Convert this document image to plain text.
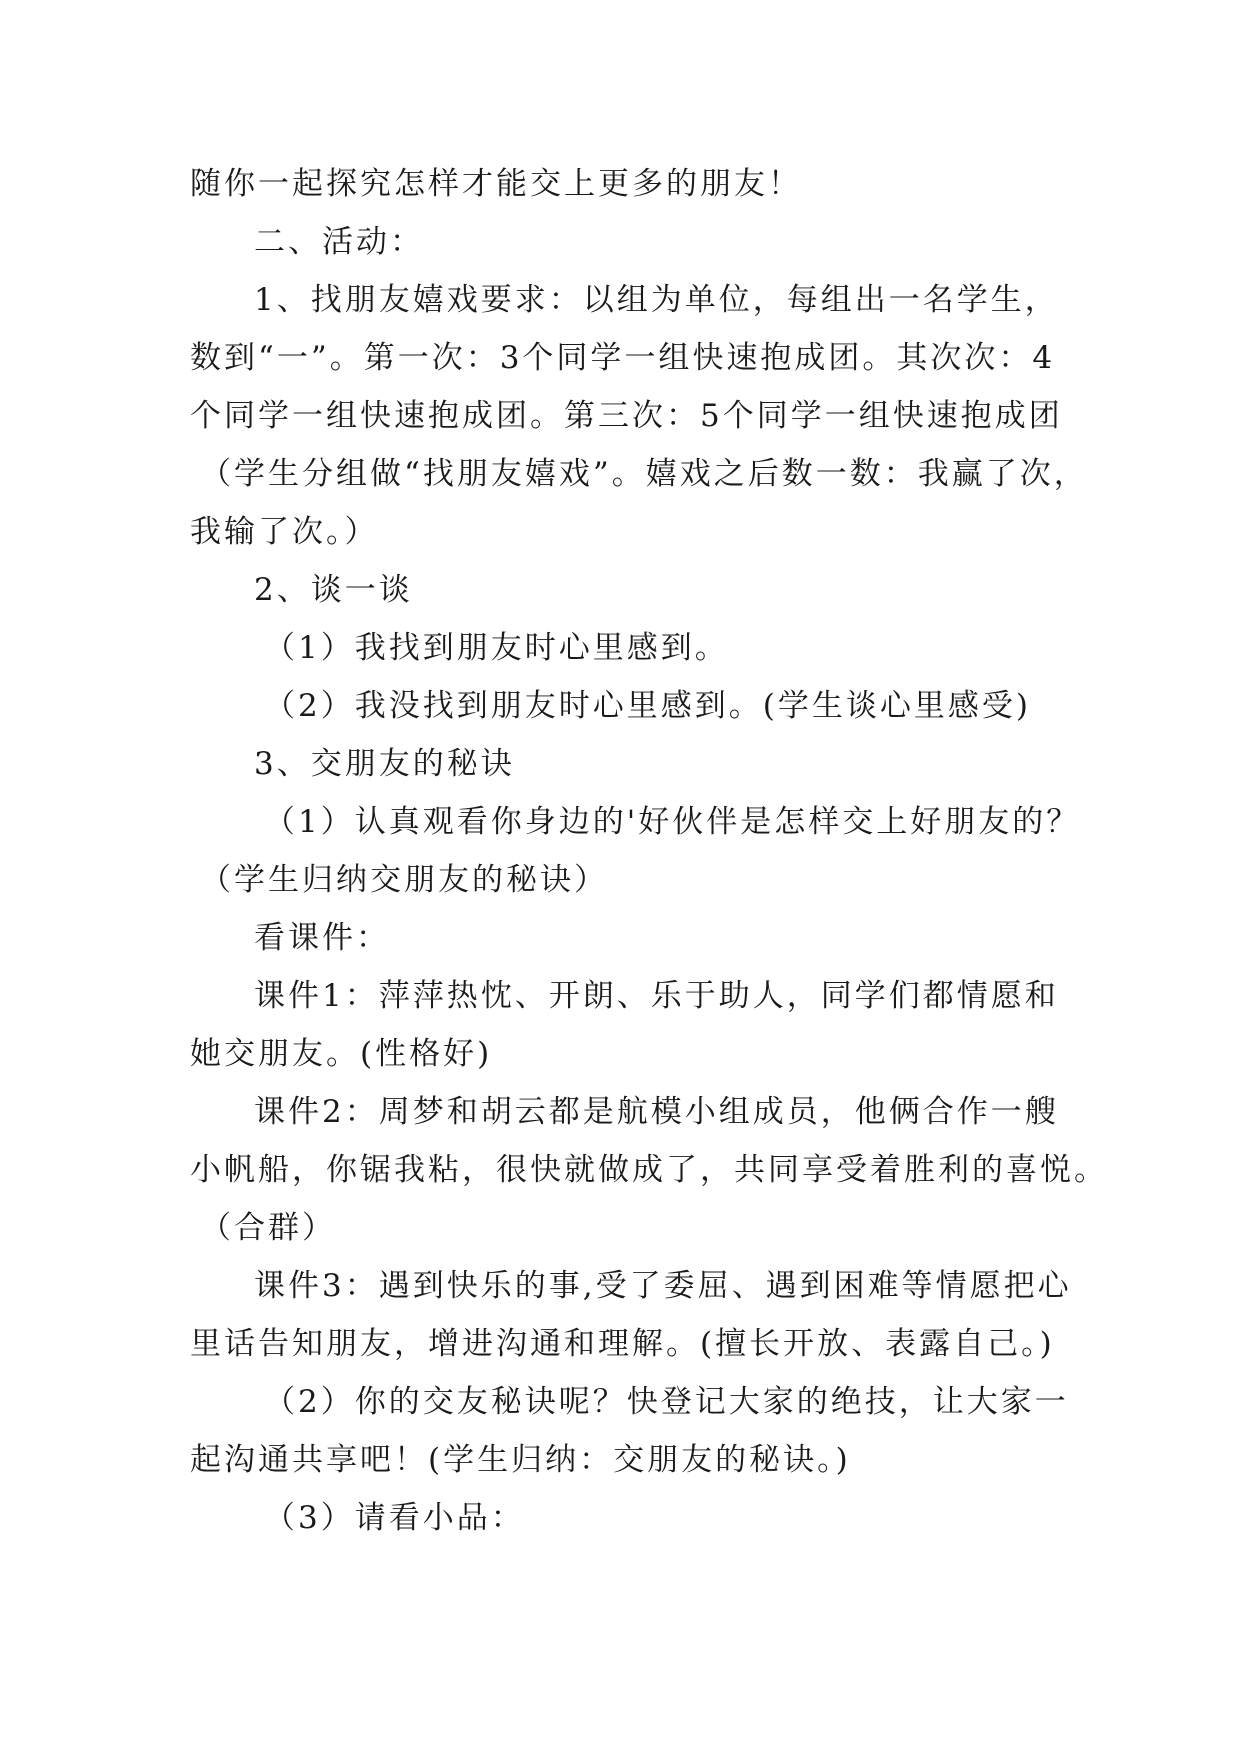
随你一起探究怎样才能交上更多的朋友！

二、活动：

1、找朋友嬉戏要求：以组为单位，每组出一名学生，

数到“一”。第一次：3个同学一组快速抱成团。其次次：4

个同学一组快速抱成团。第三次：5个同学一组快速抱成团

（学生分组做“找朋友嬉戏”。嬉戏之后数一数：我赢了次，

我输了次。）

2、谈一谈

（1）我找到朋友时心里感到。

（2）我没找到朋友时心里感到。(学生谈心里感受)

3、交朋友的秘诀

（1）认真观看你身边的'好伙伴是怎样交上好朋友的？

（学生归纳交朋友的秘诀）

看课件：

课件1：萍萍热忱、开朗、乐于助人，同学们都情愿和

她交朋友。(性格好)

课件2：周梦和胡云都是航模小组成员，他俩合作一艘

小帆船，你锯我粘，很快就做成了，共同享受着胜利的喜悦。

（合群）

课件3：遇到快乐的事,受了委屈、遇到困难等情愿把心

里话告知朋友，增进沟通和理解。(擅长开放、表露自己。)

（2）你的交友秘诀呢？快登记大家的绝技，让大家一

起沟通共享吧！(学生归纳：交朋友的秘诀。)

（3）请看小品：
